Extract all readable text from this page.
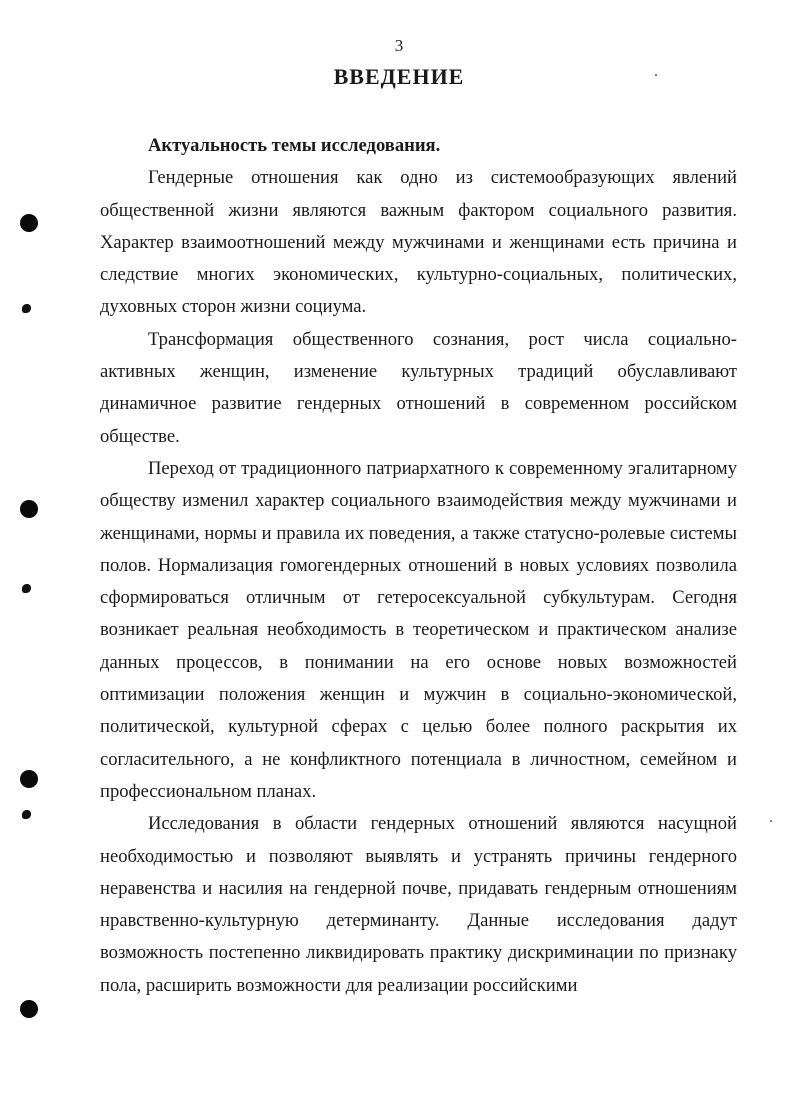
3
ВВЕДЕНИЕ

Актуальность темы исследования.

Гендерные отношения как одно из системообразующих явлений общественной жизни являются важным фактором социального развития. Характер взаимоотношений между мужчинами и женщинами есть причина и следствие многих экономических, культурно-социальных, политических, духовных сторон жизни социума.

Трансформация общественного сознания, рост числа социально-активных женщин, изменение культурных традиций обуславливают динамичное развитие гендерных отношений в современном российском обществе.

Переход от традиционного патриархатного к современному эгалитарному обществу изменил характер социального взаимодействия между мужчинами и женщинами, нормы и правила их поведения, а также статусно-ролевые системы полов. Нормализация гомогендерных отношений в новых условиях позволила сформироваться отличным от гетеросексуальной субкультурам. Сегодня возникает реальная необходимость в теоретическом и практическом анализе данных процессов, в понимании на его основе новых возможностей оптимизации положения женщин и мужчин в социально-экономической, политической, культурной сферах с целью более полного раскрытия их согласительного, а не конфликтного потенциала в личностном, семейном и профессиональном планах.

Исследования в области гендерных отношений являются насущной необходимостью и позволяют выявлять и устранять причины гендерного неравенства и насилия на гендерной почве, придавать гендерным отношениям нравственно-культурную детерминанту. Данные исследования дадут возможность постепенно ликвидировать практику дискриминации по признаку пола, расширить возможности для реализации российскими
